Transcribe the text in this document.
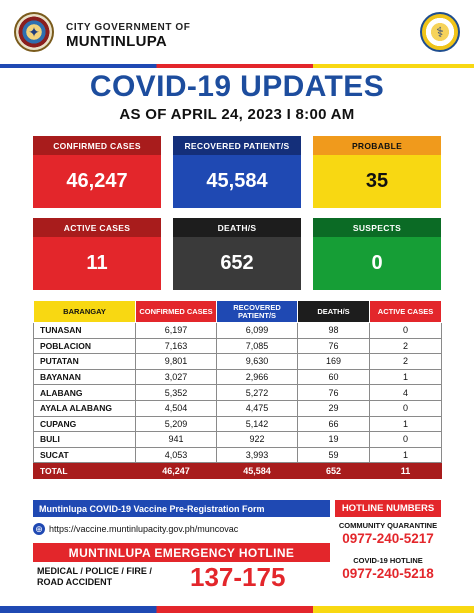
✦	CITY GOVERNMENT OF
MUNTINLUPA
⚕
COVID-19 UPDATES
AS OF APRIL 24, 2023 I 8:00 AM
CONFIRMED CASES
46,247
RECOVERED PATIENT/S
45,584
PROBABLE
35
ACTIVE CASES
11
DEATH/S
652
SUSPECTS
0
BARANGAY	CONFIRMED CASES	RECOVERED PATIENT/S	DEATH/S	ACTIVE CASES
TUNASAN	6,197	6,099	98	0
POBLACION	7,163	7,085	76	2
PUTATAN	9,801	9,630	169	2
BAYANAN	3,027	2,966	60	1
ALABANG	5,352	5,272	76	4
AYALA ALABANG	4,504	4,475	29	0
CUPANG	5,209	5,142	66	1
BULI	941	922	19	0
SUCAT	4,053	3,993	59	1
TOTAL	46,247	45,584	652	11
Muntinlupa COVID-19 Vaccine Pre-Registration Form
⊕ https://vaccine.muntinlupacity.gov.ph/muncovac
MUNTINLUPA EMERGENCY HOTLINE
MEDICAL / POLICE / FIRE /
ROAD ACCIDENT	137-175
HOTLINE NUMBERS
COMMUNITY QUARANTINE
0977-240-5217
COVID-19 HOTLINE
0977-240-5218
